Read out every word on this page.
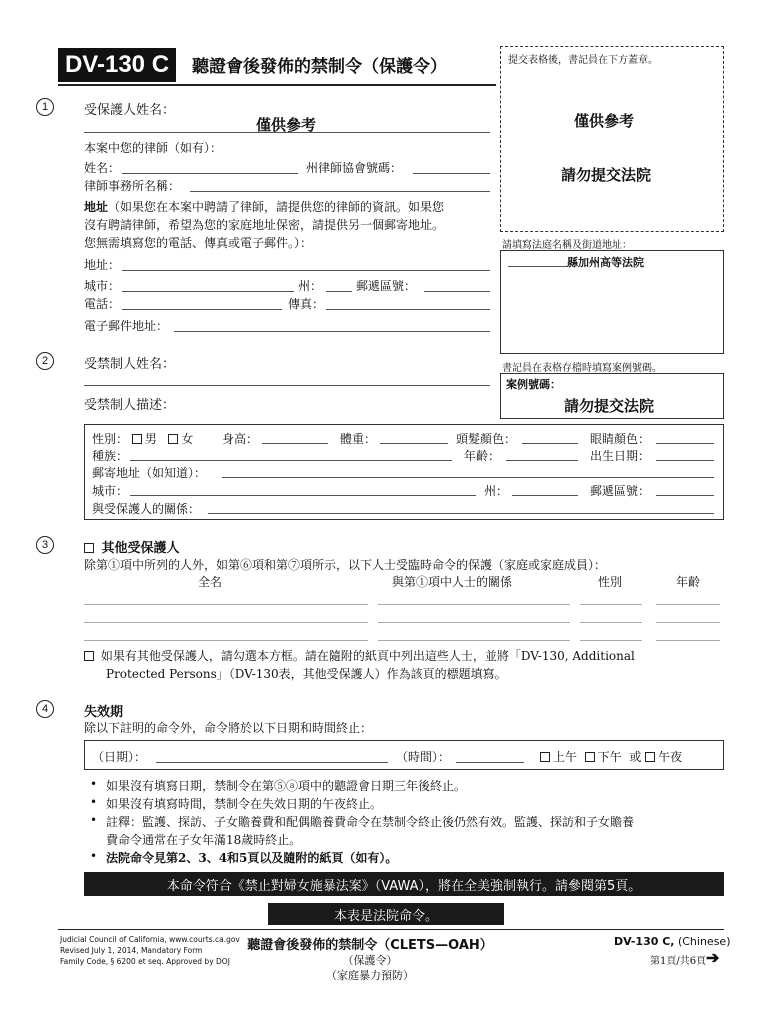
DV-130 C	聽證會後發佈的禁制令（保護令）	提交表格後，書記員在下方蓋章。
僅供參考
請勿提交法院
請填寫法庭名稱及街道地址：
縣加州高等法院
書記員在表格存檔時填寫案例號碼。
案例號碼：
請勿提交法院
1	受保護人姓名：
僅供參考
本案中您的律師（如有）：
姓名：	州律師協會號碼：
律師事務所名稱：
地址（如果您在本案中聘請了律師，請提供您的律師的資訊。如果您
沒有聘請律師，希望為您的家庭地址保密，請提供另一個郵寄地址。
您無需填寫您的電話、傳真或電子郵件。）：
地址：
城市：	州：	郵遞區號：
電話：	傳真：
電子郵件地址：
2	受禁制人姓名：
受禁制人描述：
性別： 男 女 身高：	體重：	頭髮顏色：	眼睛顏色：
種族：	年齡：	出生日期：
郵寄地址（如知道）：
城市：	州：	郵遞區號：
與受保護人的關係：
3	其他受保護人
除第①項中所列的人外，如第⑥項和第⑦項所示，以下人士受臨時命令的保護（家庭或家庭成員）：
全名	與第①項中人士的關係	性別	年齡
如果有其他受保護人，請勾選本方框。請在隨附的紙頁中列出這些人士，並將「DV-130, Additional
Protected Persons」（DV-130表，其他受保護人）作為該頁的標題填寫。
4	失效期
除以下註明的命令外，命令將於以下日期和時間終止：
（日期）：	（時間）：	上午 下午 或 午夜
• 如果沒有填寫日期，禁制令在第⑤ⓐ項中的聽證會日期三年後終止。
• 如果沒有填寫時間，禁制令在失效日期的午夜終止。
• 註釋：監護、探訪、子女贍養費和配偶贍養費命令在禁制令終止後仍然有效。監護、探訪和子女贍養
費命令通常在子女年滿18歲時終止。
• 法院命令見第2、3、4和5頁以及隨附的紙頁（如有）。
本命令符合《禁止對婦女施暴法案》（VAWA），將在全美強制執行。請參閱第5頁。
本表是法院命令。
Judicial Council of California, www.courts.ca.gov
Revised July 1, 2014, Mandatory Form
Family Code, § 6200 et seq. Approved by DOJ
聽證會後發佈的禁制令（CLETS—OAH）
（保護令）
（家庭暴力預防）
DV-130 C, (Chinese)
第1頁/共6頁 ➔
